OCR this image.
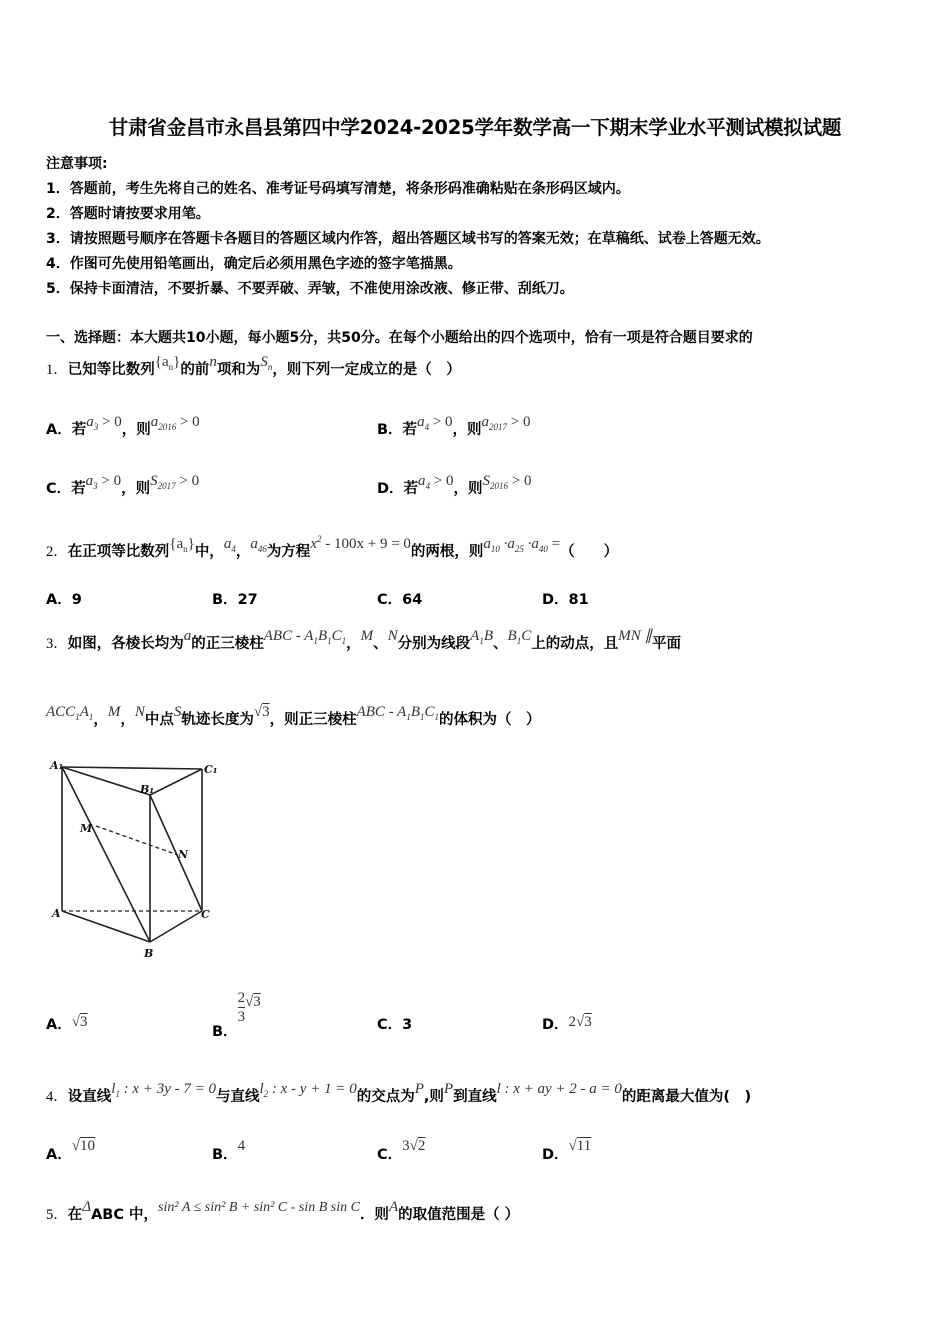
甘肃省金昌市永昌县第四中学2024-2025学年数学高一下期末学业水平测试模拟试题
注意事项:
1．答题前，考生先将自己的姓名、准考证号码填写清楚，将条形码准确粘贴在条形码区域内。
2．答题时请按要求用笔。
3．请按照题号顺序在答题卡各题目的答题区域内作答，超出答题区域书写的答案无效；在草稿纸、试卷上答题无效。
4．作图可先使用铅笔画出，确定后必须用黑色字迹的签字笔描黑。
5．保持卡面清洁，不要折暴、不要弄破、弄皱，不准使用涂改液、修正带、刮纸刀。
一、选择题：本大题共10小题，每小题5分，共50分。在每个小题给出的四个选项中，恰有一项是符合题目要求的
1．已知等比数列$\{a_n\}$的前n项和为$S_n$，则下列一定成立的是（　）
A．若$a_3 > 0$，则$a_{2016} > 0$	B．若$a_4 > 0$，则$a_{2017} > 0$
C．若$a_3 > 0$，则$S_{2017} > 0$	D．若$a_4 > 0$，则$S_{2016} > 0$
2．在正项等比数列$\{a_n\}$中，$a_4$，$a_{46}$为方程$x^2 - 100x + 9 = 0$的两根，则$a_{10} \cdot a_{25} \cdot a_{40}$ =（　　）
A．9	B．27	C．64	D．81
3．如图，各棱长均为a的正三棱柱ABC - $A_1B_1C_1$，M、N分别为线段$A_1B$、$B_1C$上的动点，且MN ∥平面
$ACC_1A_1$，M，N中点S轨迹长度为√3，则正三棱柱ABC - $A_1B_1C_1$的体积为（　）
A₁	C₁
B₁
M
N
A	C
B
A．√3
B．
$\frac{2}{3} √3$
C．3	D．2√3
4．设直线$l_1$ : x + 3y - 7 = 0与直线$l_2$ : x - y + 1 = 0的交点为P,则P到直线l : x + ay + 2 - a = 0的距离最大值为(　)
A．√10
B．4
C．3√2
D．√11
5．在ΔABC 中，sin² A ≤ sin² B + sin² C - sin B sin C．则A的取值范围是（ ）
